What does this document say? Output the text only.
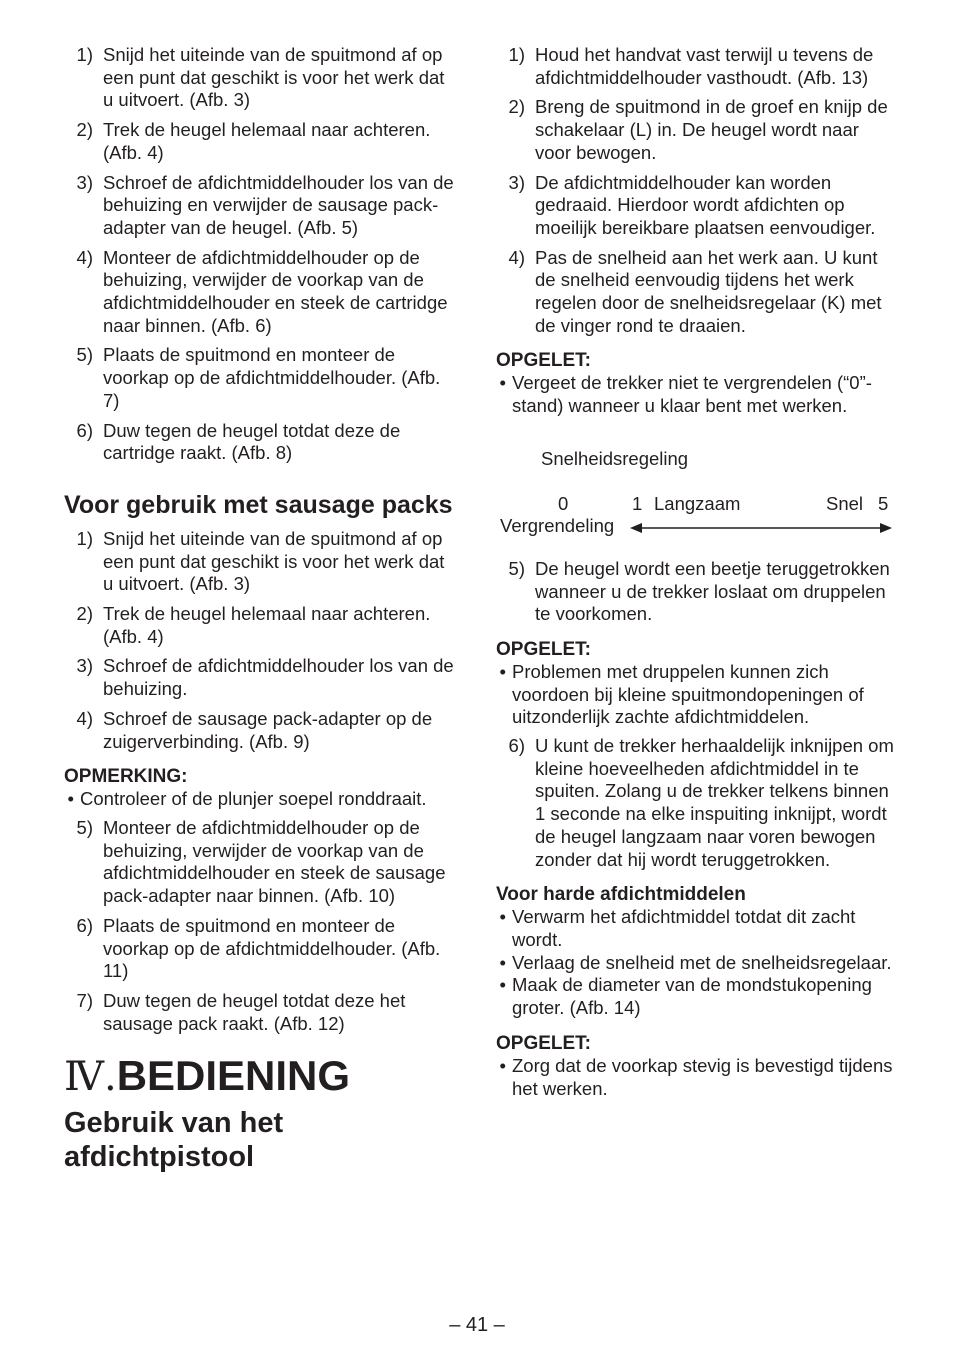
1) Snijd het uiteinde van de spuitmond af op een punt dat geschikt is voor het werk dat u uitvoert. (Afb. 3)
2) Trek de heugel helemaal naar achteren. (Afb. 4)
3) Schroef de afdichtmiddelhouder los van de behuizing en verwijder de sausage pack-adapter van de heugel. (Afb. 5)
4) Monteer de afdichtmiddelhouder op de behuizing, verwijder de voorkap van de afdichtmiddelhouder en steek de cartridge naar binnen. (Afb. 6)
5) Plaats de spuitmond en monteer de voorkap op de afdichtmiddelhouder. (Afb. 7)
6) Duw tegen de heugel totdat deze de cartridge raakt. (Afb. 8)
Voor gebruik met sausage packs
1) Snijd het uiteinde van de spuitmond af op een punt dat geschikt is voor het werk dat u uitvoert. (Afb. 3)
2) Trek de heugel helemaal naar achteren. (Afb. 4)
3) Schroef de afdichtmiddelhouder los van de behuizing.
4) Schroef de sausage pack-adapter op de zuigerverbinding. (Afb. 9)
OPMERKING:
• Controleer of de plunjer soepel ronddraait.
5) Monteer de afdichtmiddelhouder op de behuizing, verwijder de voorkap van de afdichtmiddelhouder en steek de sausage pack-adapter naar binnen. (Afb. 10)
6) Plaats de spuitmond en monteer de voorkap op de afdichtmiddelhouder. (Afb. 11)
7) Duw tegen de heugel totdat deze het sausage pack raakt. (Afb. 12)
Ⅳ.BEDIENING
Gebruik van het afdichtpistool
1) Houd het handvat vast terwijl u tevens de afdichtmiddelhouder vasthoudt. (Afb. 13)
2) Breng de spuitmond in de groef en knijp de schakelaar (L) in. De heugel wordt naar voor bewogen.
3) De afdichtmiddelhouder kan worden gedraaid. Hierdoor wordt afdichten op moeilijk bereikbare plaatsen eenvoudiger.
4) Pas de snelheid aan het werk aan. U kunt de snelheid eenvoudig tijdens het werk regelen door de snelheidsregelaar (K) met de vinger rond te draaien.
OPGELET:
• Vergeet de trekker niet te vergrendelen (“0”-stand) wanneer u klaar bent met werken.
Snelheidsregeling
0
Vergrendeling
1 Langzaam	Snel 5
5) De heugel wordt een beetje teruggetrokken wanneer u de trekker loslaat om druppelen te voorkomen.
OPGELET:
• Problemen met druppelen kunnen zich voordoen bij kleine spuitmondopeningen of uitzonderlijk zachte afdichtmiddelen.
6) U kunt de trekker herhaaldelijk inknijpen om kleine hoeveelheden afdichtmiddel in te spuiten. Zolang u de trekker telkens binnen 1 seconde na elke inspuiting inknijpt, wordt de heugel langzaam naar voren bewogen zonder dat hij wordt teruggetrokken.
Voor harde afdichtmiddelen
• Verwarm het afdichtmiddel totdat dit zacht wordt.
• Verlaag de snelheid met de snelheidsregelaar.
• Maak de diameter van de mondstukopening groter. (Afb. 14)
OPGELET:
• Zorg dat de voorkap stevig is bevestigd tijdens het werken.
– 41 –
